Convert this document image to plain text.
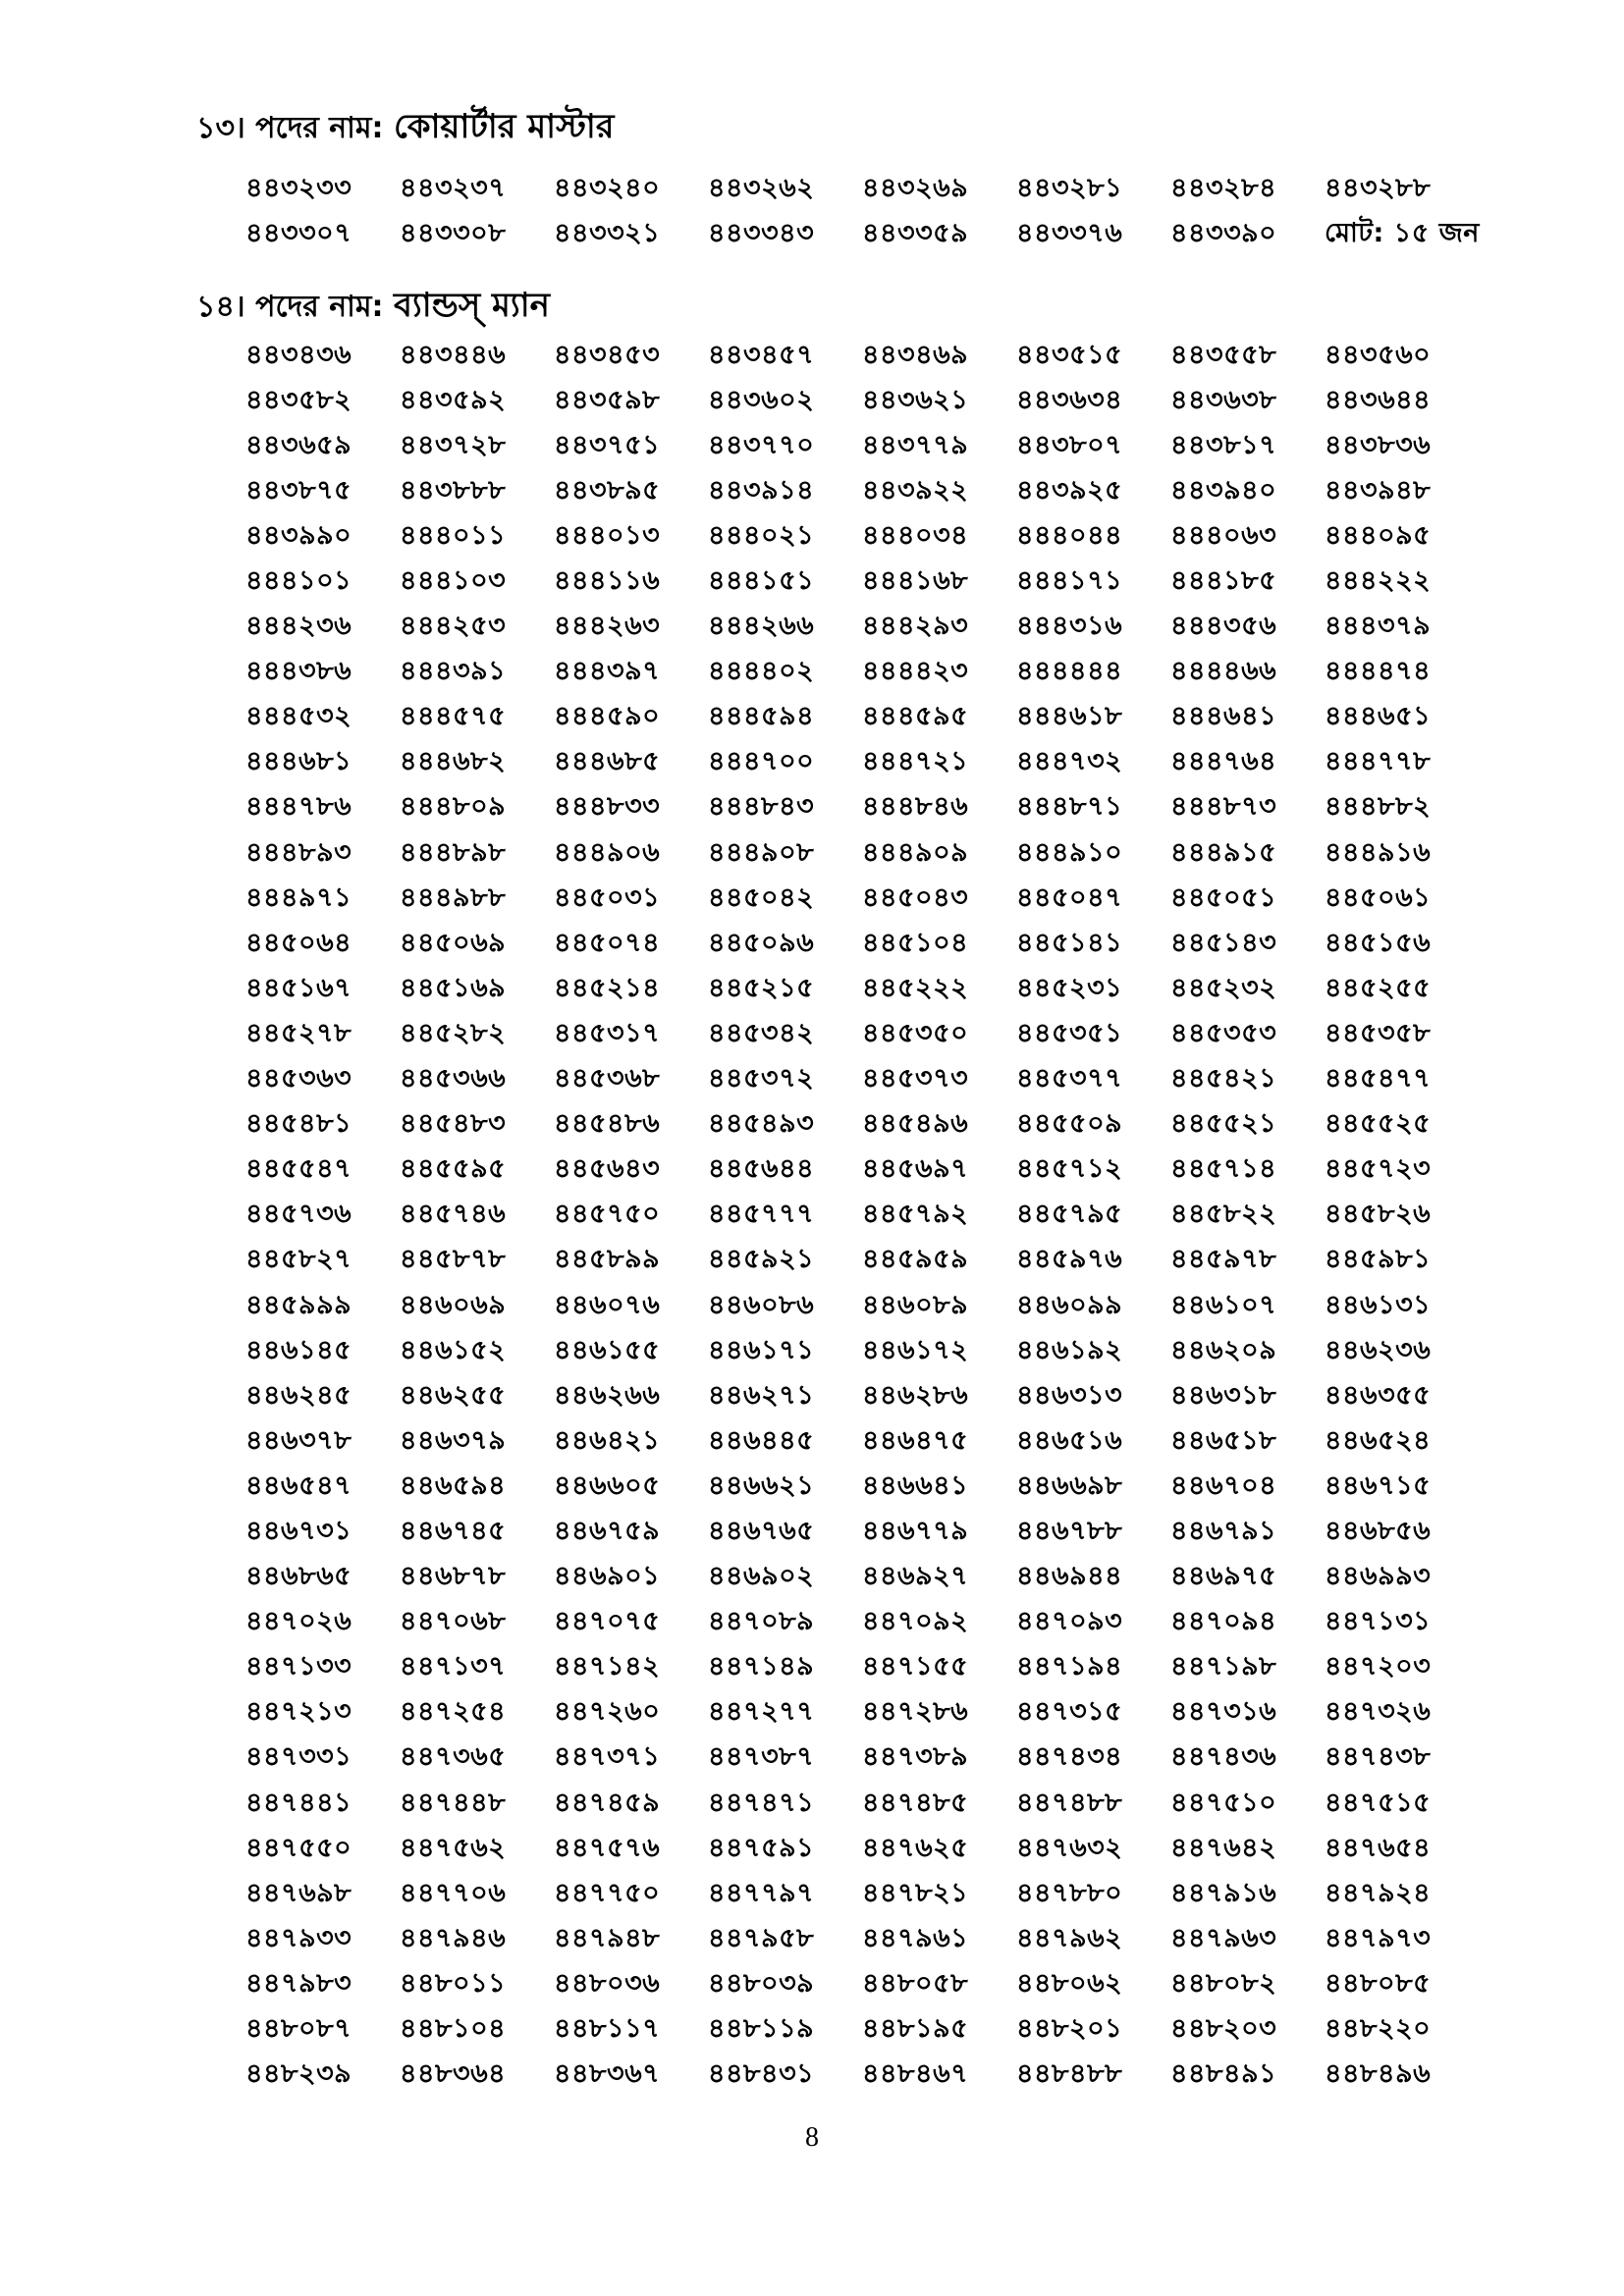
১৩। পদের নাম: কোয়ার্টার মাস্টার
৪৪৩২৩৩	৪৪৩২৩৭	৪৪৩২৪০	৪৪৩২৬২	৪৪৩২৬৯	৪৪৩২৮১	৪৪৩২৮৪	৪৪৩২৮৮
৪৪৩৩০৭	৪৪৩৩০৮	৪৪৩৩২১	৪৪৩৩৪৩	৪৪৩৩৫৯	৪৪৩৩৭৬	৪৪৩৩৯০	মোট: ১৫ জন
১৪। পদের নাম: ব্যান্ডস্ ম্যান
৪৪৩৪৩৬	৪৪৩৪৪৬	৪৪৩৪৫৩	৪৪৩৪৫৭	৪৪৩৪৬৯	৪৪৩৫১৫	৪৪৩৫৫৮	৪৪৩৫৬০
৪৪৩৫৮২	৪৪৩৫৯২	৪৪৩৫৯৮	৪৪৩৬০২	৪৪৩৬২১	৪৪৩৬৩৪	৪৪৩৬৩৮	৪৪৩৬৪৪
৪৪৩৬৫৯	৪৪৩৭২৮	৪৪৩৭৫১	৪৪৩৭৭০	৪৪৩৭৭৯	৪৪৩৮০৭	৪৪৩৮১৭	৪৪৩৮৩৬
৪৪৩৮৭৫	৪৪৩৮৮৮	৪৪৩৮৯৫	৪৪৩৯১৪	৪৪৩৯২২	৪৪৩৯২৫	৪৪৩৯৪০	৪৪৩৯৪৮
৪৪৩৯৯০	৪৪৪০১১	৪৪৪০১৩	৪৪৪০২১	৪৪৪০৩৪	৪৪৪০৪৪	৪৪৪০৬৩	৪৪৪০৯৫
৪৪৪১০১	৪৪৪১০৩	৪৪৪১১৬	৪৪৪১৫১	৪৪৪১৬৮	৪৪৪১৭১	৪৪৪১৮৫	৪৪৪২২২
৪৪৪২৩৬	৪৪৪২৫৩	৪৪৪২৬৩	৪৪৪২৬৬	৪৪৪২৯৩	৪৪৪৩১৬	৪৪৪৩৫৬	৪৪৪৩৭৯
৪৪৪৩৮৬	৪৪৪৩৯১	৪৪৪৩৯৭	৪৪৪৪০২	৪৪৪৪২৩	৪৪৪৪৪৪	৪৪৪৪৬৬	৪৪৪৪৭৪
৪৪৪৫৩২	৪৪৪৫৭৫	৪৪৪৫৯০	৪৪৪৫৯৪	৪৪৪৫৯৫	৪৪৪৬১৮	৪৪৪৬৪১	৪৪৪৬৫১
৪৪৪৬৮১	৪৪৪৬৮২	৪৪৪৬৮৫	৪৪৪৭০০	৪৪৪৭২১	৪৪৪৭৩২	৪৪৪৭৬৪	৪৪৪৭৭৮
৪৪৪৭৮৬	৪৪৪৮০৯	৪৪৪৮৩৩	৪৪৪৮৪৩	৪৪৪৮৪৬	৪৪৪৮৭১	৪৪৪৮৭৩	৪৪৪৮৮২
৪৪৪৮৯৩	৪৪৪৮৯৮	৪৪৪৯০৬	৪৪৪৯০৮	৪৪৪৯০৯	৪৪৪৯১০	৪৪৪৯১৫	৪৪৪৯১৬
৪৪৪৯৭১	৪৪৪৯৮৮	৪৪৫০৩১	৪৪৫০৪২	৪৪৫০৪৩	৪৪৫০৪৭	৪৪৫০৫১	৪৪৫০৬১
৪৪৫০৬৪	৪৪৫০৬৯	৪৪৫০৭৪	৪৪৫০৯৬	৪৪৫১০৪	৪৪৫১৪১	৪৪৫১৪৩	৪৪৫১৫৬
৪৪৫১৬৭	৪৪৫১৬৯	৪৪৫২১৪	৪৪৫২১৫	৪৪৫২২২	৪৪৫২৩১	৪৪৫২৩২	৪৪৫২৫৫
৪৪৫২৭৮	৪৪৫২৮২	৪৪৫৩১৭	৪৪৫৩৪২	৪৪৫৩৫০	৪৪৫৩৫১	৪৪৫৩৫৩	৪৪৫৩৫৮
৪৪৫৩৬৩	৪৪৫৩৬৬	৪৪৫৩৬৮	৪৪৫৩৭২	৪৪৫৩৭৩	৪৪৫৩৭৭	৪৪৫৪২১	৪৪৫৪৭৭
৪৪৫৪৮১	৪৪৫৪৮৩	৪৪৫৪৮৬	৪৪৫৪৯৩	৪৪৫৪৯৬	৪৪৫৫০৯	৪৪৫৫২১	৪৪৫৫২৫
৪৪৫৫৪৭	৪৪৫৫৯৫	৪৪৫৬৪৩	৪৪৫৬৪৪	৪৪৫৬৯৭	৪৪৫৭১২	৪৪৫৭১৪	৪৪৫৭২৩
৪৪৫৭৩৬	৪৪৫৭৪৬	৪৪৫৭৫০	৪৪৫৭৭৭	৪৪৫৭৯২	৪৪৫৭৯৫	৪৪৫৮২২	৪৪৫৮২৬
৪৪৫৮২৭	৪৪৫৮৭৮	৪৪৫৮৯৯	৪৪৫৯২১	৪৪৫৯৫৯	৪৪৫৯৭৬	৪৪৫৯৭৮	৪৪৫৯৮১
৪৪৫৯৯৯	৪৪৬০৬৯	৪৪৬০৭৬	৪৪৬০৮৬	৪৪৬০৮৯	৪৪৬০৯৯	৪৪৬১০৭	৪৪৬১৩১
৪৪৬১৪৫	৪৪৬১৫২	৪৪৬১৫৫	৪৪৬১৭১	৪৪৬১৭২	৪৪৬১৯২	৪৪৬২০৯	৪৪৬২৩৬
৪৪৬২৪৫	৪৪৬২৫৫	৪৪৬২৬৬	৪৪৬২৭১	৪৪৬২৮৬	৪৪৬৩১৩	৪৪৬৩১৮	৪৪৬৩৫৫
৪৪৬৩৭৮	৪৪৬৩৭৯	৪৪৬৪২১	৪৪৬৪৪৫	৪৪৬৪৭৫	৪৪৬৫১৬	৪৪৬৫১৮	৪৪৬৫২৪
৪৪৬৫৪৭	৪৪৬৫৯৪	৪৪৬৬০৫	৪৪৬৬২১	৪৪৬৬৪১	৪৪৬৬৯৮	৪৪৬৭০৪	৪৪৬৭১৫
৪৪৬৭৩১	৪৪৬৭৪৫	৪৪৬৭৫৯	৪৪৬৭৬৫	৪৪৬৭৭৯	৪৪৬৭৮৮	৪৪৬৭৯১	৪৪৬৮৫৬
৪৪৬৮৬৫	৪৪৬৮৭৮	৪৪৬৯০১	৪৪৬৯০২	৪৪৬৯২৭	৪৪৬৯৪৪	৪৪৬৯৭৫	৪৪৬৯৯৩
৪৪৭০২৬	৪৪৭০৬৮	৪৪৭০৭৫	৪৪৭০৮৯	৪৪৭০৯২	৪৪৭০৯৩	৪৪৭০৯৪	৪৪৭১৩১
৪৪৭১৩৩	৪৪৭১৩৭	৪৪৭১৪২	৪৪৭১৪৯	৪৪৭১৫৫	৪৪৭১৯৪	৪৪৭১৯৮	৪৪৭২০৩
৪৪৭২১৩	৪৪৭২৫৪	৪৪৭২৬০	৪৪৭২৭৭	৪৪৭২৮৬	৪৪৭৩১৫	৪৪৭৩১৬	৪৪৭৩২৬
৪৪৭৩৩১	৪৪৭৩৬৫	৪৪৭৩৭১	৪৪৭৩৮৭	৪৪৭৩৮৯	৪৪৭৪৩৪	৪৪৭৪৩৬	৪৪৭৪৩৮
৪৪৭৪৪১	৪৪৭৪৪৮	৪৪৭৪৫৯	৪৪৭৪৭১	৪৪৭৪৮৫	৪৪৭৪৮৮	৪৪৭৫১০	৪৪৭৫১৫
৪৪৭৫৫০	৪৪৭৫৬২	৪৪৭৫৭৬	৪৪৭৫৯১	৪৪৭৬২৫	৪৪৭৬৩২	৪৪৭৬৪২	৪৪৭৬৫৪
৪৪৭৬৯৮	৪৪৭৭০৬	৪৪৭৭৫০	৪৪৭৭৯৭	৪৪৭৮২১	৪৪৭৮৮০	৪৪৭৯১৬	৪৪৭৯২৪
৪৪৭৯৩৩	৪৪৭৯৪৬	৪৪৭৯৪৮	৪৪৭৯৫৮	৪৪৭৯৬১	৪৪৭৯৬২	৪৪৭৯৬৩	৪৪৭৯৭৩
৪৪৭৯৮৩	৪৪৮০১১	৪৪৮০৩৬	৪৪৮০৩৯	৪৪৮০৫৮	৪৪৮০৬২	৪৪৮০৮২	৪৪৮০৮৫
৪৪৮০৮৭	৪৪৮১০৪	৪৪৮১১৭	৪৪৮১১৯	৪৪৮১৯৫	৪৪৮২০১	৪৪৮২০৩	৪৪৮২২০
৪৪৮২৩৯	৪৪৮৩৬৪	৪৪৮৩৬৭	৪৪৮৪৩১	৪৪৮৪৬৭	৪৪৮৪৮৮	৪৪৮৪৯১	৪৪৮৪৯৬
8
